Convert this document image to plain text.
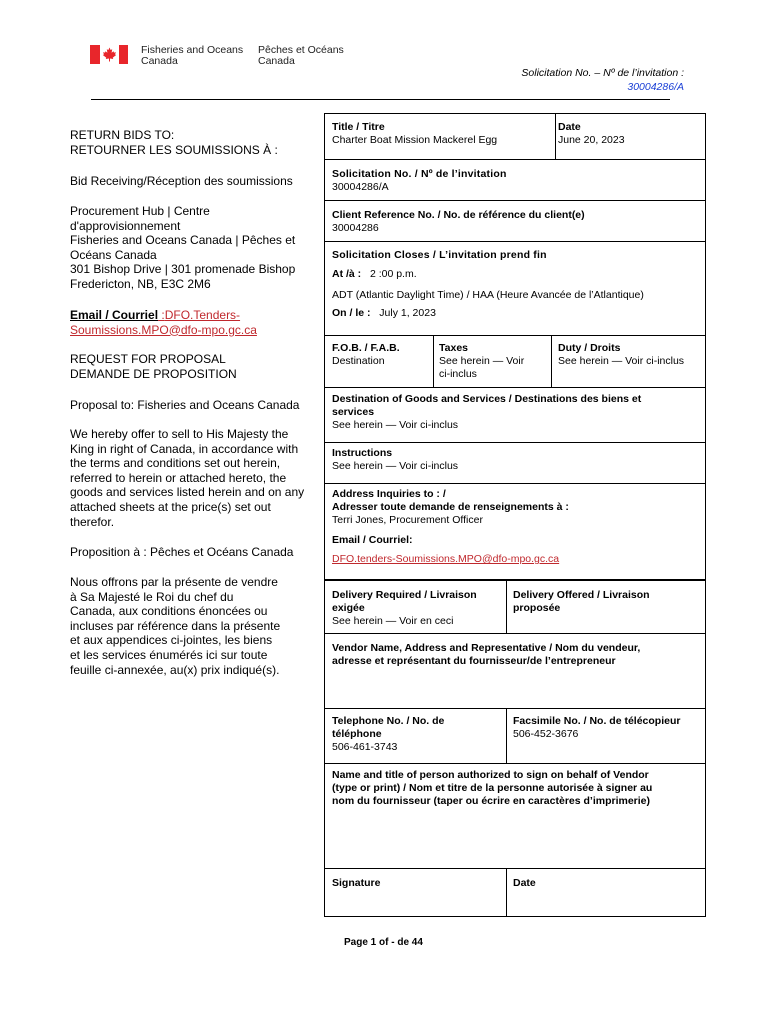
Fisheries and Oceans
Canada
Pêches et Océans
Canada
Solicitation No. – Nº de l’invitation :
30004286/A
RETURN BIDS TO:
RETOURNER LES SOUMISSIONS À :
Bid Receiving/Réception des soumissions
Procurement Hub | Centre
d'approvisionnement
Fisheries and Oceans Canada | Pêches et
Océans Canada
301 Bishop Drive | 301 promenade Bishop
Fredericton, NB, E3C 2M6
Email / Courriel :DFO.Tenders-
Soumissions.MPO@dfo-mpo.gc.ca
REQUEST FOR PROPOSAL
DEMANDE DE PROPOSITION
Proposal to: Fisheries and Oceans Canada
We hereby offer to sell to His Majesty the
King in right of Canada, in accordance with
the terms and conditions set out herein,
referred to herein or attached hereto, the
goods and services listed herein and on any
attached sheets at the price(s) set out
therefor.
Proposition à : Pêches et Océans Canada
Nous offrons par la présente de vendre
à Sa Majesté le Roi du chef du
Canada, aux conditions énoncées ou
incluses par référence dans la présente
et aux appendices ci-jointes, les biens
et les services énumérés ici sur toute
feuille ci-annexée, au(x) prix indiqué(s).
Title / Titre
Charter Boat Mission Mackerel Egg
Date
June 20, 2023
Solicitation No. / Nº de l’invitation
30004286/A
Client Reference No. / No. de référence du client(e)
30004286
Solicitation Closes / L’invitation prend fin
At /à : 2 :00 p.m.
ADT (Atlantic Daylight Time) / HAA (Heure Avancée de l’Atlantique)
On / le : July 1, 2023
F.O.B. / F.A.B.
Destination
Taxes
See herein — Voir
ci-inclus
Duty / Droits
See herein — Voir ci-inclus
Destination of Goods and Services / Destinations des biens et
services
See herein — Voir ci-inclus
Instructions
See herein — Voir ci-inclus
Address Inquiries to : /
Adresser toute demande de renseignements à :
Terri Jones, Procurement Officer
Email / Courriel:
DFO.tenders-Soumissions.MPO@dfo-mpo.gc.ca
Delivery Required / Livraison
exigée
See herein — Voir en ceci
Delivery Offered / Livraison
proposée
Vendor Name, Address and Representative / Nom du vendeur,
adresse et représentant du fournisseur/de l’entrepreneur
Telephone No. / No. de
téléphone
506-461-3743
Facsimile No. / No. de télécopieur
506-452-3676
Name and title of person authorized to sign on behalf of Vendor
(type or print) / Nom et titre de la personne autorisée à signer au
nom du fournisseur (taper ou écrire en caractères d’imprimerie)
Signature	Date
Page 1 of - de 44
